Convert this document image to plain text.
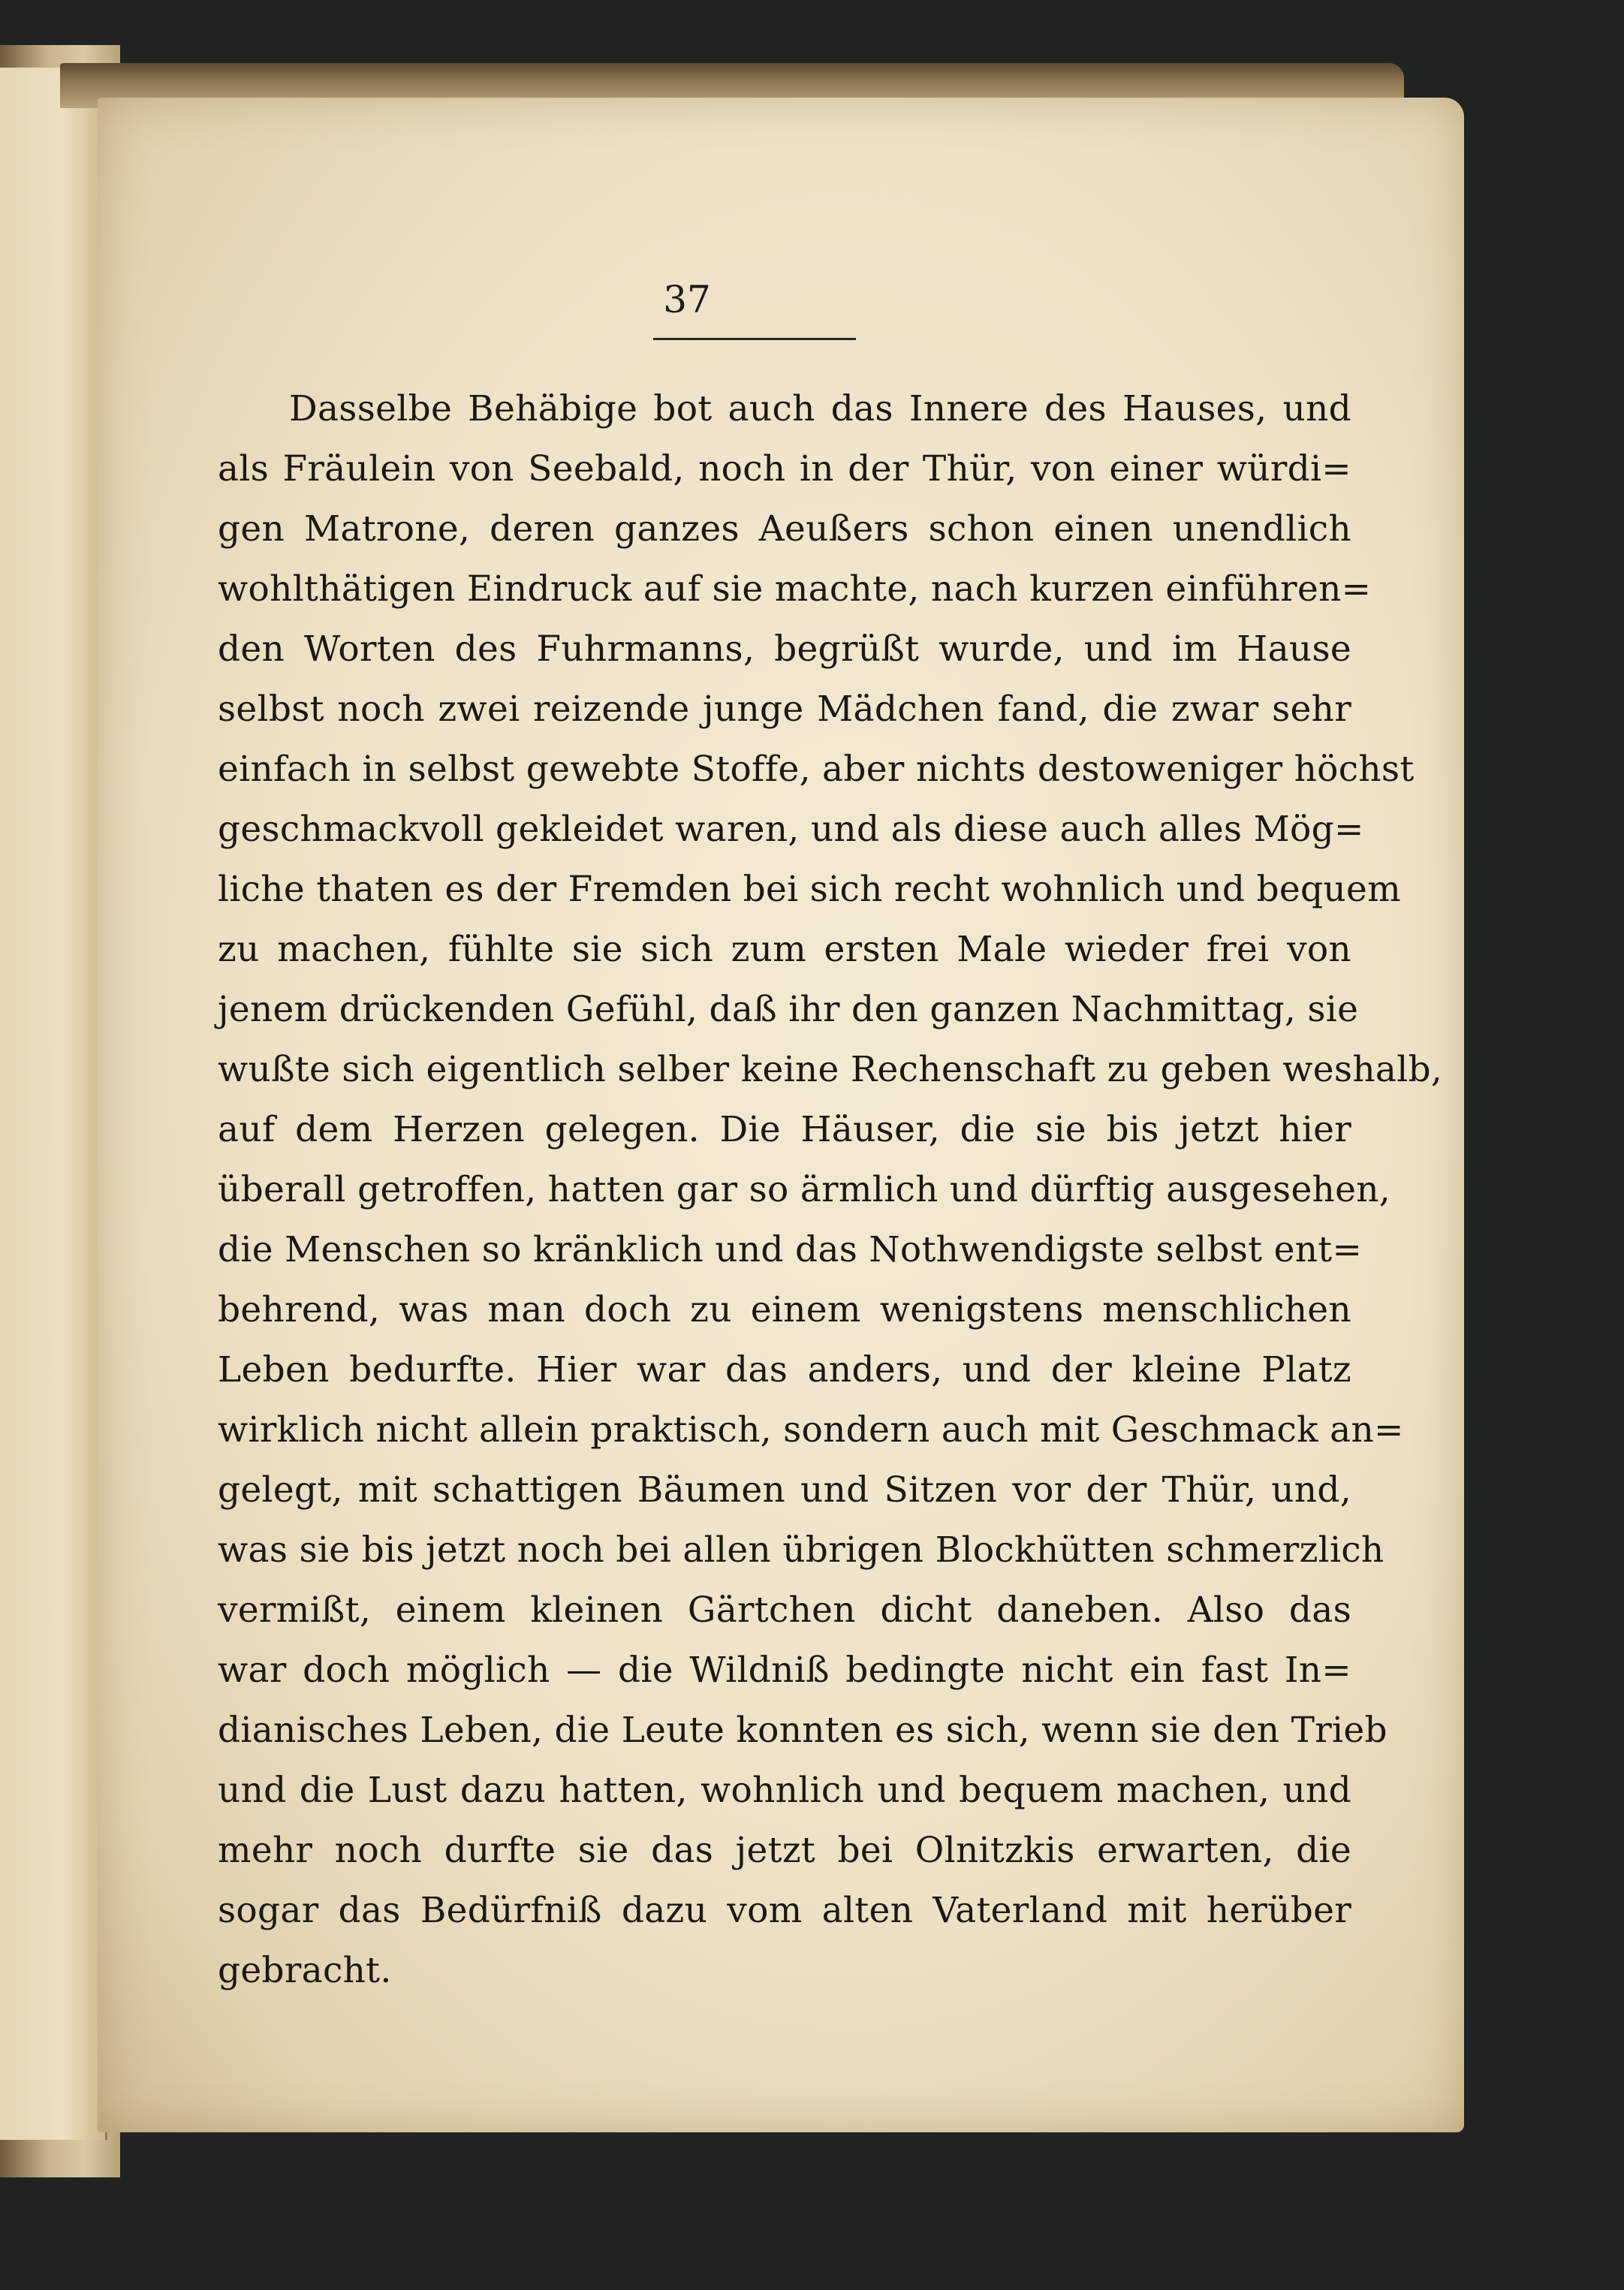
37
Dasselbe Behäbige bot auch das Innere des Hauses, und
als Fräulein von Seebald, noch in der Thür, von einer würdi=
gen Matrone, deren ganzes Aeußers schon einen unendlich
wohlthätigen Eindruck auf sie machte, nach kurzen einführen=
den Worten des Fuhrmanns, begrüßt wurde, und im Hause
selbst noch zwei reizende junge Mädchen fand, die zwar sehr
einfach in selbst gewebte Stoffe, aber nichts destoweniger höchst
geschmackvoll gekleidet waren, und als diese auch alles Mög=
liche thaten es der Fremden bei sich recht wohnlich und bequem
zu machen, fühlte sie sich zum ersten Male wieder frei von
jenem drückenden Gefühl, daß ihr den ganzen Nachmittag, sie
wußte sich eigentlich selber keine Rechenschaft zu geben weshalb,
auf dem Herzen gelegen. Die Häuser, die sie bis jetzt hier
überall getroffen, hatten gar so ärmlich und dürftig ausgesehen,
die Menschen so kränklich und das Nothwendigste selbst ent=
behrend, was man doch zu einem wenigstens menschlichen
Leben bedurfte. Hier war das anders, und der kleine Platz
wirklich nicht allein praktisch, sondern auch mit Geschmack an=
gelegt, mit schattigen Bäumen und Sitzen vor der Thür, und,
was sie bis jetzt noch bei allen übrigen Blockhütten schmerzlich
vermißt, einem kleinen Gärtchen dicht daneben. Also das
war doch möglich — die Wildniß bedingte nicht ein fast In=
dianisches Leben, die Leute konnten es sich, wenn sie den Trieb
und die Lust dazu hatten, wohnlich und bequem machen, und
mehr noch durfte sie das jetzt bei Olnitzkis erwarten, die
sogar das Bedürfniß dazu vom alten Vaterland mit herüber
gebracht.
